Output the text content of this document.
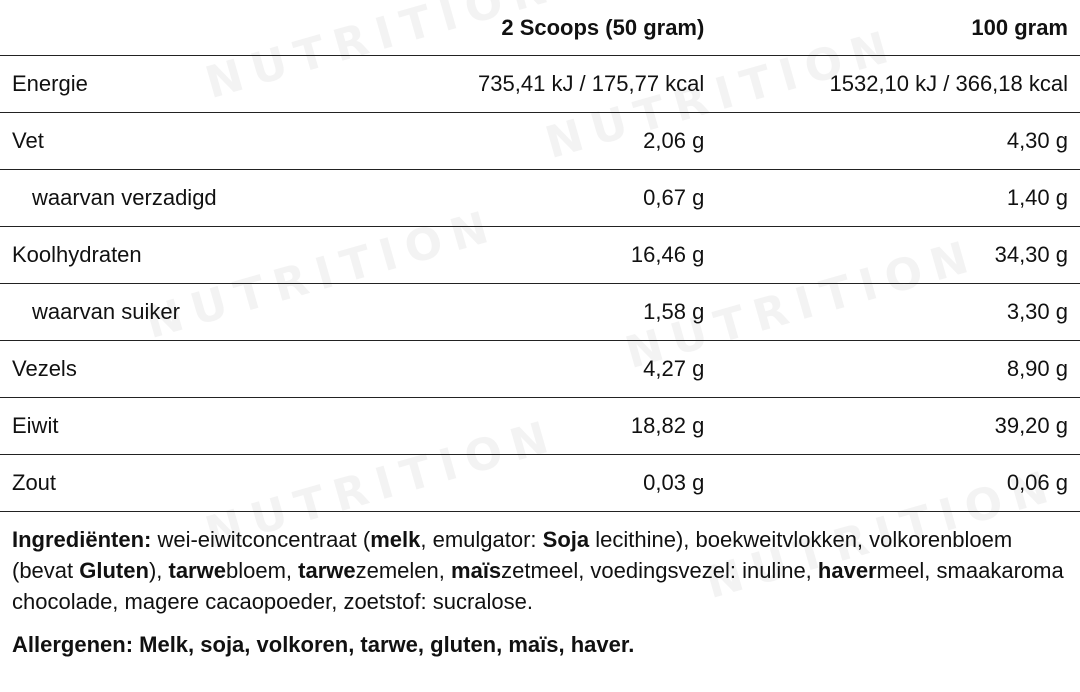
	2 Scoops (50 gram)	100 gram
Energie	735,41 kJ / 175,77 kcal	1532,10 kJ / 366,18 kcal
Vet	2,06 g	4,30 g
waarvan verzadigd	0,67 g	1,40 g
Koolhydraten	16,46 g	34,30 g
waarvan suiker	1,58 g	3,30 g
Vezels	4,27 g	8,90 g
Eiwit	18,82 g	39,20 g
Zout	0,03 g	0,06 g
Ingrediënten: wei-eiwitconcentraat (melk, emulgator: Soja lecithine), boekweitvlokken, volkorenbloem (bevat Gluten), tarwebloem, tarwezemelen, maïszetmeel, voedingsvezel: inuline, havermeel, smaakaroma chocolade, magere cacaopoeder, zoetstof: sucralose.
Allergenen: Melk, soja, volkoren, tarwe, gluten, maïs, haver.
